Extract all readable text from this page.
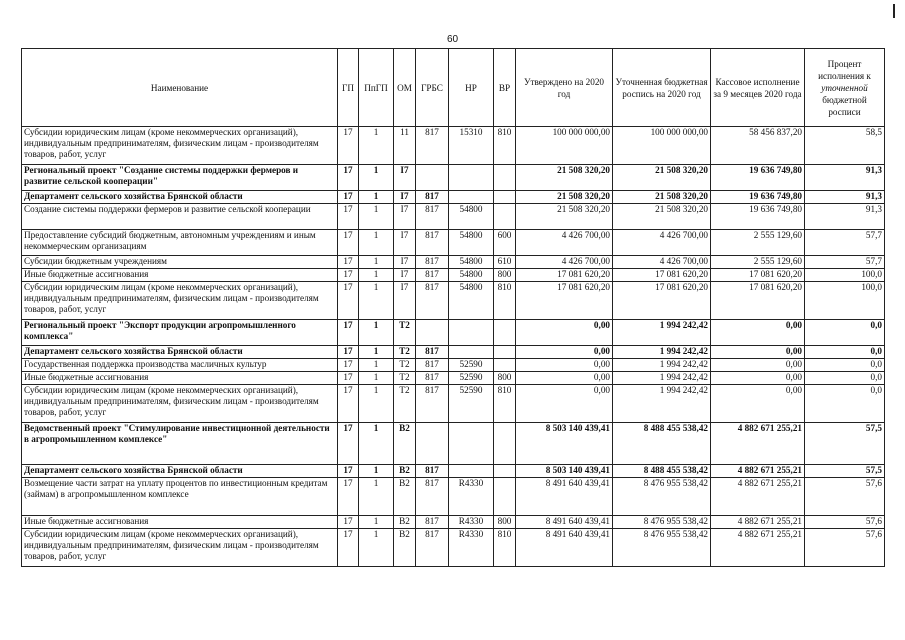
60
Наименование	ГП	ПпГП	ОМ	ГРБС	НР	ВР	Утверждено на 2020 год	Уточненная бюджетная роспись на 2020 год	Кассовое исполнение за 9 месяцев 2020 года	Процент исполнения к уточненной бюджетной росписи
Субсидии юридическим лицам (кроме некоммерческих организаций), индивидуальным предпринимателям, физическим лицам - производителям товаров, работ, услуг	17	1	11	817	15310	810	100 000 000,00	100 000 000,00	58 456 837,20	58,5
Региональный проект "Создание системы поддержки фермеров и развитие сельской кооперации"	17	1	I7				21 508 320,20	21 508 320,20	19 636 749,80	91,3
Департамент сельского хозяйства Брянской области	17	1	I7	817			21 508 320,20	21 508 320,20	19 636 749,80	91,3
Создание системы поддержки фермеров и развитие сельской кооперации	17	1	I7	817	54800		21 508 320,20	21 508 320,20	19 636 749,80	91,3
Предоставление субсидий бюджетным, автономным учреждениям и иным некоммерческим организациям	17	1	I7	817	54800	600	4 426 700,00	4 426 700,00	2 555 129,60	57,7
Субсидии бюджетным учреждениям	17	1	I7	817	54800	610	4 426 700,00	4 426 700,00	2 555 129,60	57,7
Иные бюджетные ассигнования	17	1	I7	817	54800	800	17 081 620,20	17 081 620,20	17 081 620,20	100,0
Субсидии юридическим лицам (кроме некоммерческих организаций), индивидуальным предпринимателям, физическим лицам - производителям товаров, работ, услуг	17	1	I7	817	54800	810	17 081 620,20	17 081 620,20	17 081 620,20	100,0
Региональный проект "Экспорт продукции агропромышленного комплекса"	17	1	T2				0,00	1 994 242,42	0,00	0,0
Департамент сельского хозяйства Брянской области	17	1	T2	817			0,00	1 994 242,42	0,00	0,0
Государственная поддержка производства масличных культур	17	1	T2	817	52590		0,00	1 994 242,42	0,00	0,0
Иные бюджетные ассигнования	17	1	T2	817	52590	800	0,00	1 994 242,42	0,00	0,0
Субсидии юридическим лицам (кроме некоммерческих организаций), индивидуальным предпринимателям, физическим лицам - производителям товаров, работ, услуг	17	1	T2	817	52590	810	0,00	1 994 242,42	0,00	0,0
Ведомственный проект "Стимулирование инвестиционной деятельности в агропромышленном комплексе"	17	1	B2				8 503 140 439,41	8 488 455 538,42	4 882 671 255,21	57,5
Департамент сельского хозяйства Брянской области	17	1	B2	817			8 503 140 439,41	8 488 455 538,42	4 882 671 255,21	57,5
Возмещение части затрат на уплату процентов по инвестиционным кредитам (займам) в агропромышленном комплексе	17	1	B2	817	R4330		8 491 640 439,41	8 476 955 538,42	4 882 671 255,21	57,6
Иные бюджетные ассигнования	17	1	B2	817	R4330	800	8 491 640 439,41	8 476 955 538,42	4 882 671 255,21	57,6
Субсидии юридическим лицам (кроме некоммерческих организаций), индивидуальным предпринимателям, физическим лицам - производителям товаров, работ, услуг	17	1	B2	817	R4330	810	8 491 640 439,41	8 476 955 538,42	4 882 671 255,21	57,6
